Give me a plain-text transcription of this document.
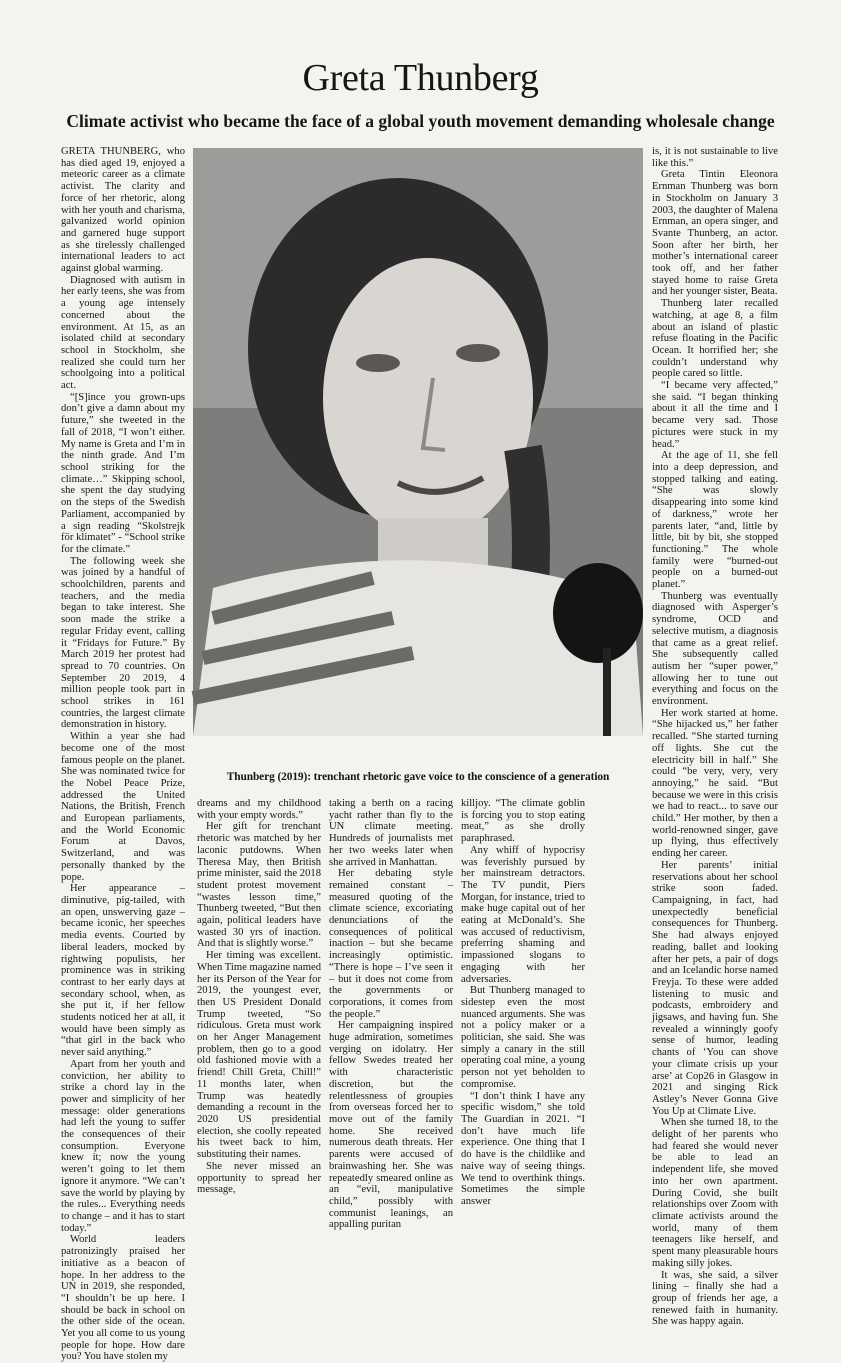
Greta Thunberg
Climate activist who became the face of a global youth movement demanding wholesale change

GRETA THUNBERG, who has died aged 19, enjoyed a meteoric career as a climate activist. The clarity and force of her rhetoric, along with her youth and charisma, galvanized world opinion and garnered huge support as she tirelessly challenged international leaders to act against global warming.

Diagnosed with autism in her early teens, she was from a young age intensely concerned about the environment. At 15, as an isolated child at secondary school in Stockholm, she realized she could turn her schoolgoing into a political act.

“[S]ince you grown-ups don’t give a damn about my future,” she tweeted in the fall of 2018, “I won’t either. My name is Greta and I’m in the ninth grade. And I’m school striking for the climate…” Skipping school, she spent the day studying on the steps of the Swedish Parliament, accompanied by a sign reading “Skolstrejk för klimatet” - “School strike for the climate.”

The following week she was joined by a handful of schoolchildren, parents and teachers, and the media began to take interest. She soon made the strike a regular Friday event, calling it “Fridays for Future.” By March 2019 her protest had spread to 70 countries. On September 20 2019, 4 million people took part in school strikes in 161 countries, the largest climate demonstration in history.

Within a year she had become one of the most famous people on the planet. She was nominated twice for the Nobel Peace Prize, addressed the United Nations, the British, French and European parliaments, and the World Economic Forum at Davos, Switzerland, and was personally thanked by the pope.

Her appearance – diminutive, pig-tailed, with an open, unswerving gaze – became iconic, her speeches media events. Courted by liberal leaders, mocked by rightwing populists, her prominence was in striking contrast to her early days at secondary school, when, as she put it, if her fellow students noticed her at all, it would have been simply as “that girl in the back who never said anything.”

Apart from her youth and conviction, her ability to strike a chord lay in the power and simplicity of her message: older generations had left the young to suffer the consequences of their consumption. Everyone knew it; now the young weren’t going to let them ignore it anymore. “We can’t save the world by playing by the rules... Everything needs to change – and it has to start today.”

World leaders patronizingly praised her initiative as a beacon of hope. In her address to the UN in 2019, she responded, “I shouldn’t be up here. I should be back in school on the other side of the ocean. Yet you all come to us young people for hope. How dare you? You have stolen my

Thunberg (2019): trenchant rhetoric gave voice to the conscience of a generation

dreams and my childhood with your empty words.”

Her gift for trenchant rhetoric was matched by her laconic putdowns. When Theresa May, then British prime minister, said the 2018 student protest movement “wastes lesson time,” Thunberg tweeted, “But then again, political leaders have wasted 30 yrs of inaction. And that is slightly worse.”

Her timing was excellent. When Time magazine named her its Person of the Year for 2019, the youngest ever, then US President Donald Trump tweeted, “So ridiculous. Greta must work on her Anger Management problem, then go to a good old fashioned movie with a friend! Chill Greta, Chill!” 11 months later, when Trump was heatedly demanding a recount in the 2020 US presidential election, she coolly repeated his tweet back to him, substituting their names.

She never missed an opportunity to spread her message,

taking a berth on a racing yacht rather than fly to the UN climate meeting. Hundreds of journalists met her two weeks later when she arrived in Manhattan.

Her debating style remained constant – measured quoting of the climate science, excoriating denunciations of the consequences of political inaction – but she became increasingly optimistic. “There is hope – I’ve seen it – but it does not come from the governments or corporations, it comes from the people.”

Her campaigning inspired huge admiration, sometimes verging on idolatry. Her fellow Swedes treated her with characteristic discretion, but the relentlessness of groupies from overseas forced her to move out of the family home. She received numerous death threats. Her parents were accused of brainwashing her. She was repeatedly smeared online as an “evil, manipulative child,” possibly with communist leanings, an appalling puritan

killjoy. “The climate goblin is forcing you to stop eating meat,” as she drolly paraphrased.

Any whiff of hypocrisy was feverishly pursued by her mainstream detractors. The TV pundit, Piers Morgan, for instance, tried to make huge capital out of her eating at McDonald’s. She was accused of reductivism, preferring shaming and impassioned slogans to engaging with her adversaries.

But Thunberg managed to sidestep even the most nuanced arguments. She was not a policy maker or a politician, she said. She was simply a canary in the still operating coal mine, a young person not yet beholden to compromise.

“I don’t think I have any specific wisdom,” she told The Guardian in 2021. “I don’t have much life experience. One thing that I do have is the childlike and naive way of seeing things. We tend to overthink things. Sometimes the simple answer

is, it is not sustainable to live like this.”

Greta Tintin Eleonora Ernman Thunberg was born in Stockholm on January 3 2003, the daughter of Malena Ernman, an opera singer, and Svante Thunberg, an actor. Soon after her birth, her mother’s international career took off, and her father stayed home to raise Greta and her younger sister, Beata.

Thunberg later recalled watching, at age 8, a film about an island of plastic refuse floating in the Pacific Ocean. It horrified her; she couldn’t understand why people cared so little.

“I became very affected,” she said. “I began thinking about it all the time and I became very sad. Those pictures were stuck in my head.”

At the age of 11, she fell into a deep depression, and stopped talking and eating. “She was slowly disappearing into some kind of darkness,” wrote her parents later, “and, little by little, bit by bit, she stopped functioning.” The whole family were “burned-out people on a burned-out planet.”

Thunberg was eventually diagnosed with Asperger’s syndrome, OCD and selective mutism, a diagnosis that came as a great relief. She subsequently called autism her “super power,” allowing her to tune out everything and focus on the environment.

Her work started at home. “She hijacked us,” her father recalled. “She started turning off lights. She cut the electricity bill in half.” She could “be very, very, very annoying,” he said. “But because we were in this crisis we had to react... to save our child.” Her mother, by then a world-renowned singer, gave up flying, thus effectively ending her career.

Her parents’ initial reservations about her school strike soon faded. Campaigning, in fact, had unexpectedly beneficial consequences for Thunberg. She had always enjoyed reading, ballet and looking after her pets, a pair of dogs and an Icelandic horse named Freyja. To these were added listening to music and podcasts, embroidery and jigsaws, and having fun. She revealed a winningly goofy sense of humor, leading chants of ‘You can shove your climate crisis up your arse’ at Cop26 in Glasgow in 2021 and singing Rick Astley’s Never Gonna Give You Up at Climate Live.

When she turned 18, to the delight of her parents who had feared she would never be able to lead an independent life, she moved into her own apartment. During Covid, she built relationships over Zoom with climate activists around the world, many of them teenagers like herself, and spent many pleasurable hours making silly jokes.

It was, she said, a silver lining – finally she had a group of friends her age, a renewed faith in humanity. She was happy again.
